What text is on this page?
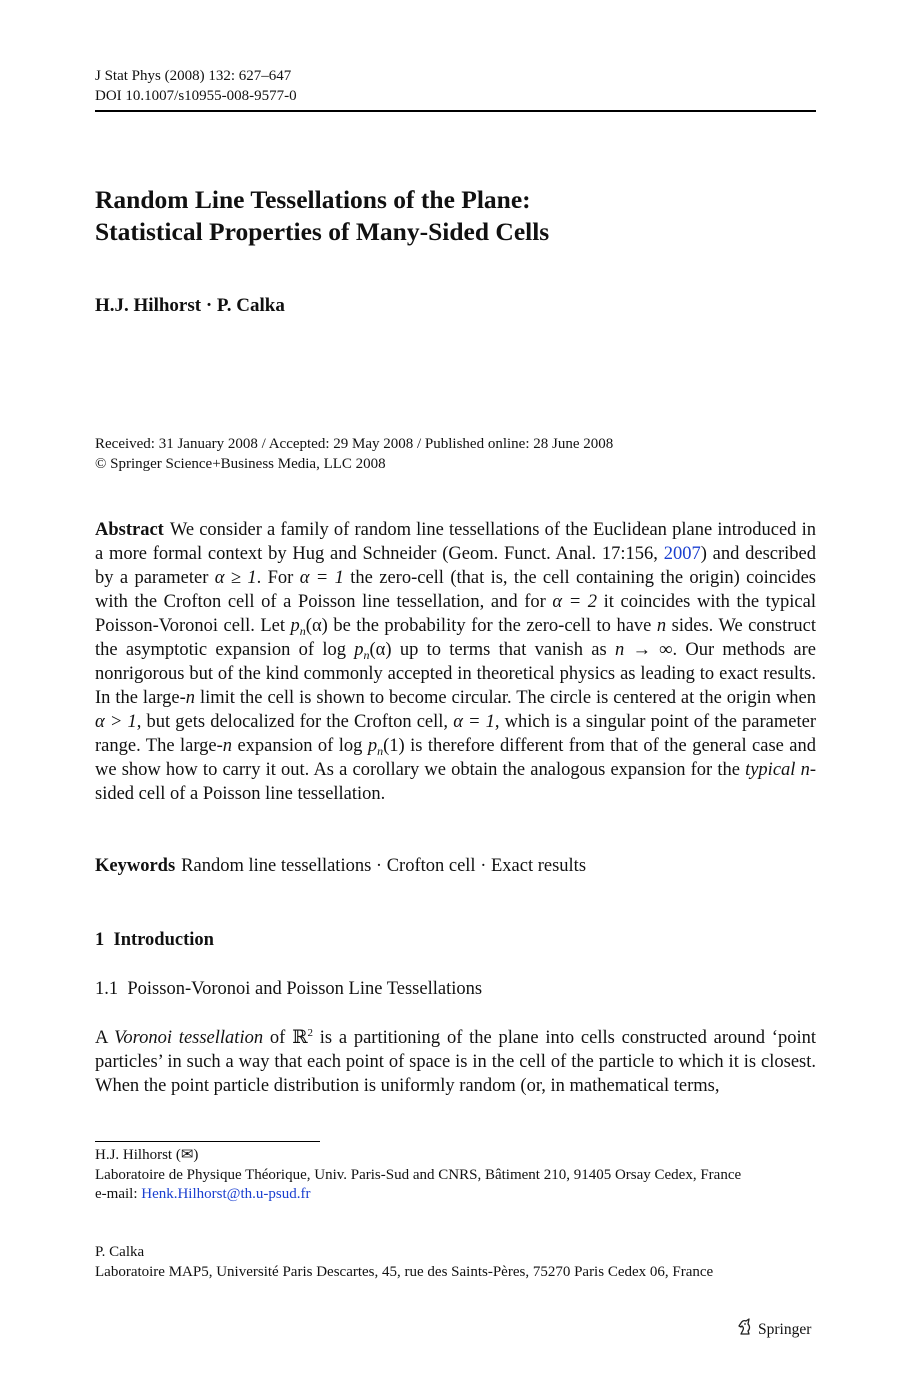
J Stat Phys (2008) 132: 627–647
DOI 10.1007/s10955-008-9577-0
Random Line Tessellations of the Plane:
Statistical Properties of Many-Sided Cells
H.J. Hilhorst · P. Calka
Received: 31 January 2008 / Accepted: 29 May 2008 / Published online: 28 June 2008
© Springer Science+Business Media, LLC 2008
Abstract We consider a family of random line tessellations of the Euclidean plane introduced in a more formal context by Hug and Schneider (Geom. Funct. Anal. 17:156, 2007) and described by a parameter α ≥ 1. For α = 1 the zero-cell (that is, the cell containing the origin) coincides with the Crofton cell of a Poisson line tessellation, and for α = 2 it coincides with the typical Poisson-Voronoi cell. Let $p_n(\alpha)$ be the probability for the zero-cell to have n sides. We construct the asymptotic expansion of $\log p_n(\alpha)$ up to terms that vanish as n → ∞. Our methods are nonrigorous but of the kind commonly accepted in theoretical physics as leading to exact results. In the large-n limit the cell is shown to become circular. The circle is centered at the origin when α > 1, but gets delocalized for the Crofton cell, α = 1, which is a singular point of the parameter range. The large-n expansion of $\log p_n(1)$ is therefore different from that of the general case and we show how to carry it out. As a corollary we obtain the analogous expansion for the typical n-sided cell of a Poisson line tessellation.
Keywords Random line tessellations · Crofton cell · Exact results
1 Introduction
1.1 Poisson-Voronoi and Poisson Line Tessellations
A Voronoi tessellation of ℝ$^2$ is a partitioning of the plane into cells constructed around ‘point particles’ in such a way that each point of space is in the cell of the particle to which it is closest. When the point particle distribution is uniformly random (or, in mathematical terms,
H.J. Hilhorst (✉)
Laboratoire de Physique Théorique, Univ. Paris-Sud and CNRS, Bâtiment 210, 91405 Orsay Cedex, France
e-mail: Henk.Hilhorst@th.u-psud.fr
P. Calka
Laboratoire MAP5, Université Paris Descartes, 45, rue des Saints-Pères, 75270 Paris Cedex 06, France
Springer
